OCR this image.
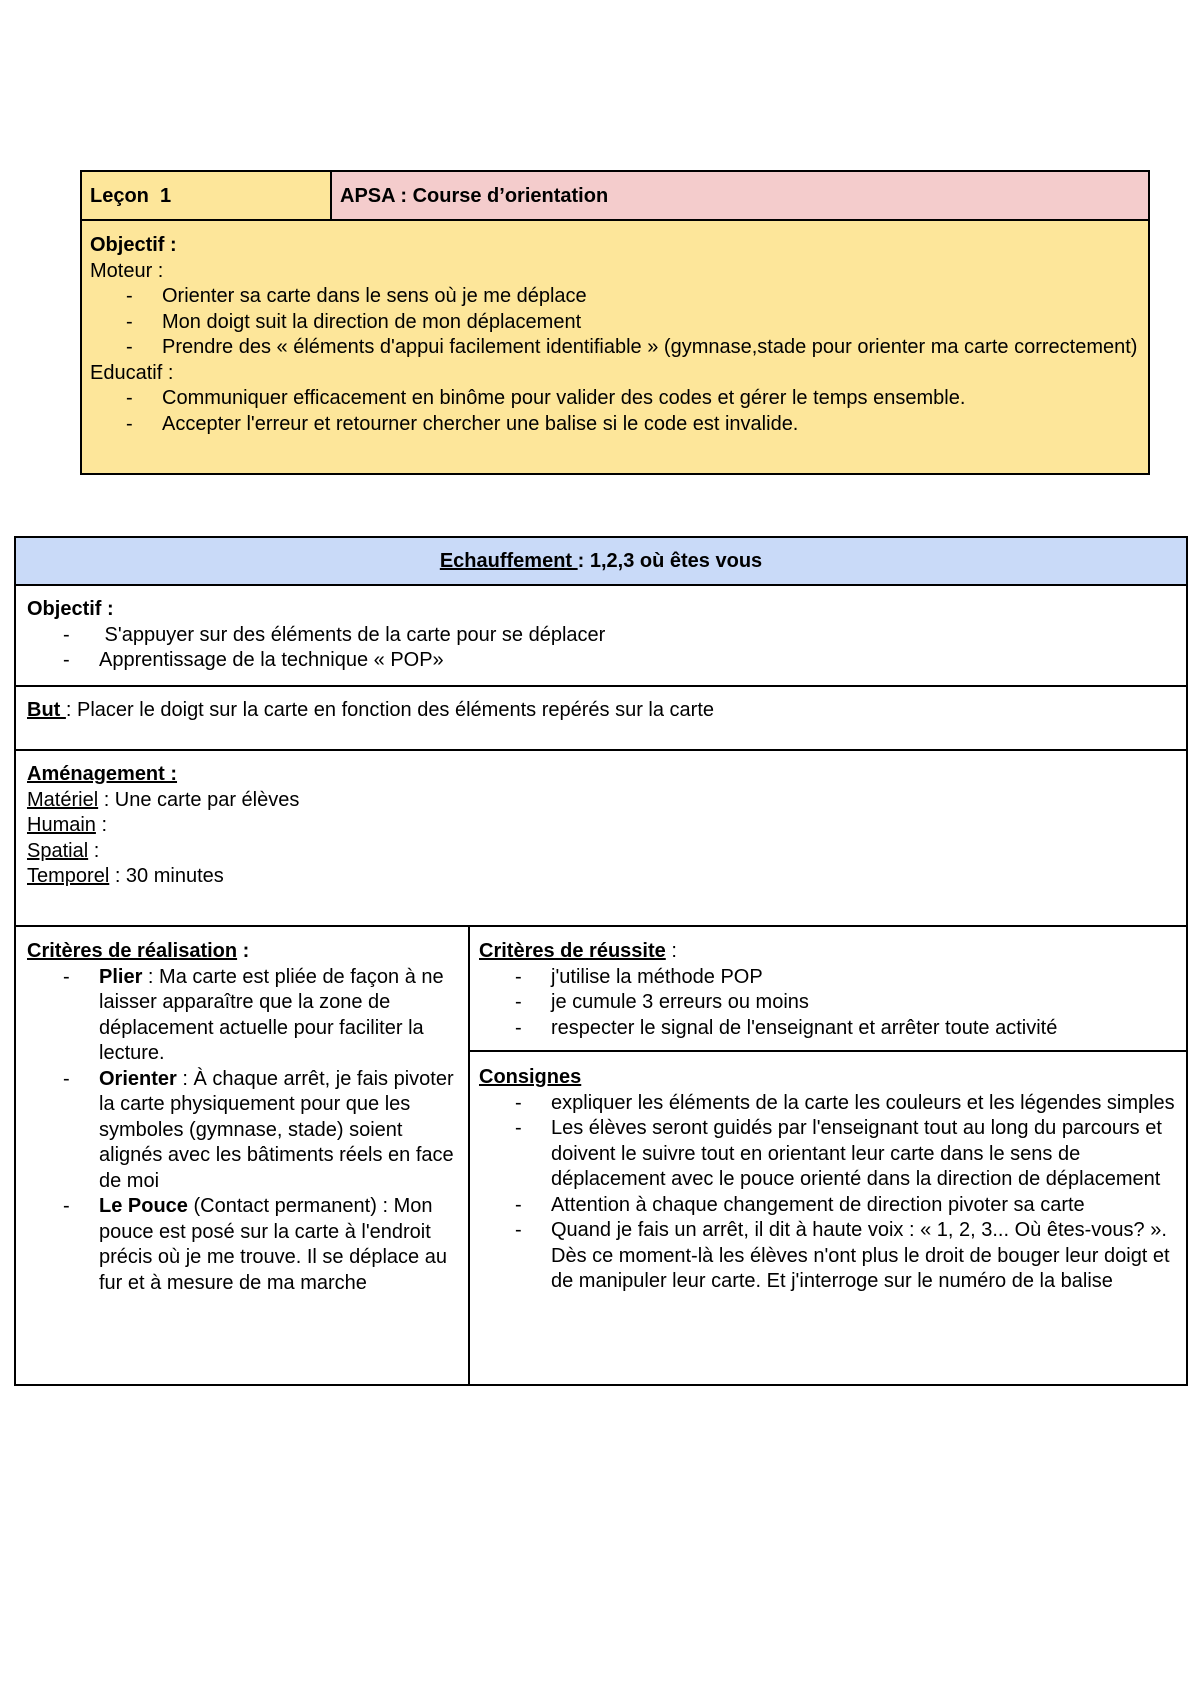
Leçon  1	APSA : Course d’orientation
Objectif :
Moteur :
- Orienter sa carte dans le sens où je me déplace
- Mon doigt suit la direction de mon déplacement
- Prendre des « éléments d'appui facilement identifiable » (gymnase,stade pour orienter ma carte correctement)
Educatif :
- Communiquer efficacement en binôme pour valider des codes et gérer le temps ensemble.
- Accepter l'erreur et retourner chercher une balise si le code est invalide.
Echauffement : 1,2,3 où êtes vous
Objectif :
-  S'appuyer sur des éléments de la carte pour se déplacer
- Apprentissage de la technique « POP»
But : Placer le doigt sur la carte en fonction des éléments repérés sur la carte
Aménagement :
Matériel : Une carte par élèves
Humain :
Spatial :
Temporel : 30 minutes
Critères de réalisation :
- Plier : Ma carte est pliée de façon à ne laisser apparaître que la zone de déplacement actuelle pour faciliter la lecture.
- Orienter : À chaque arrêt, je fais pivoter la carte physiquement pour que les symboles (gymnase, stade) soient alignés avec les bâtiments réels en face de moi
- Le Pouce (Contact permanent) : Mon pouce est posé sur la carte à l'endroit précis où je me trouve. Il se déplace au fur et à mesure de ma marche
Critères de réussite :
- j'utilise la méthode POP
- je cumule 3 erreurs ou moins
- respecter le signal de l'enseignant et arrêter toute activité
Consignes
- expliquer les éléments de la carte les couleurs et les légendes simples
- Les élèves seront guidés par l'enseignant tout au long du parcours et doivent le suivre tout en orientant leur carte dans le sens de déplacement avec le pouce orienté dans la direction de déplacement
- Attention à chaque changement de direction pivoter sa carte
- Quand je fais un arrêt, il dit à haute voix : « 1, 2, 3... Où êtes-vous? ». Dès ce moment-là les élèves n'ont plus le droit de bouger leur doigt et de manipuler leur carte. Et j'interroge sur le numéro de la balise
